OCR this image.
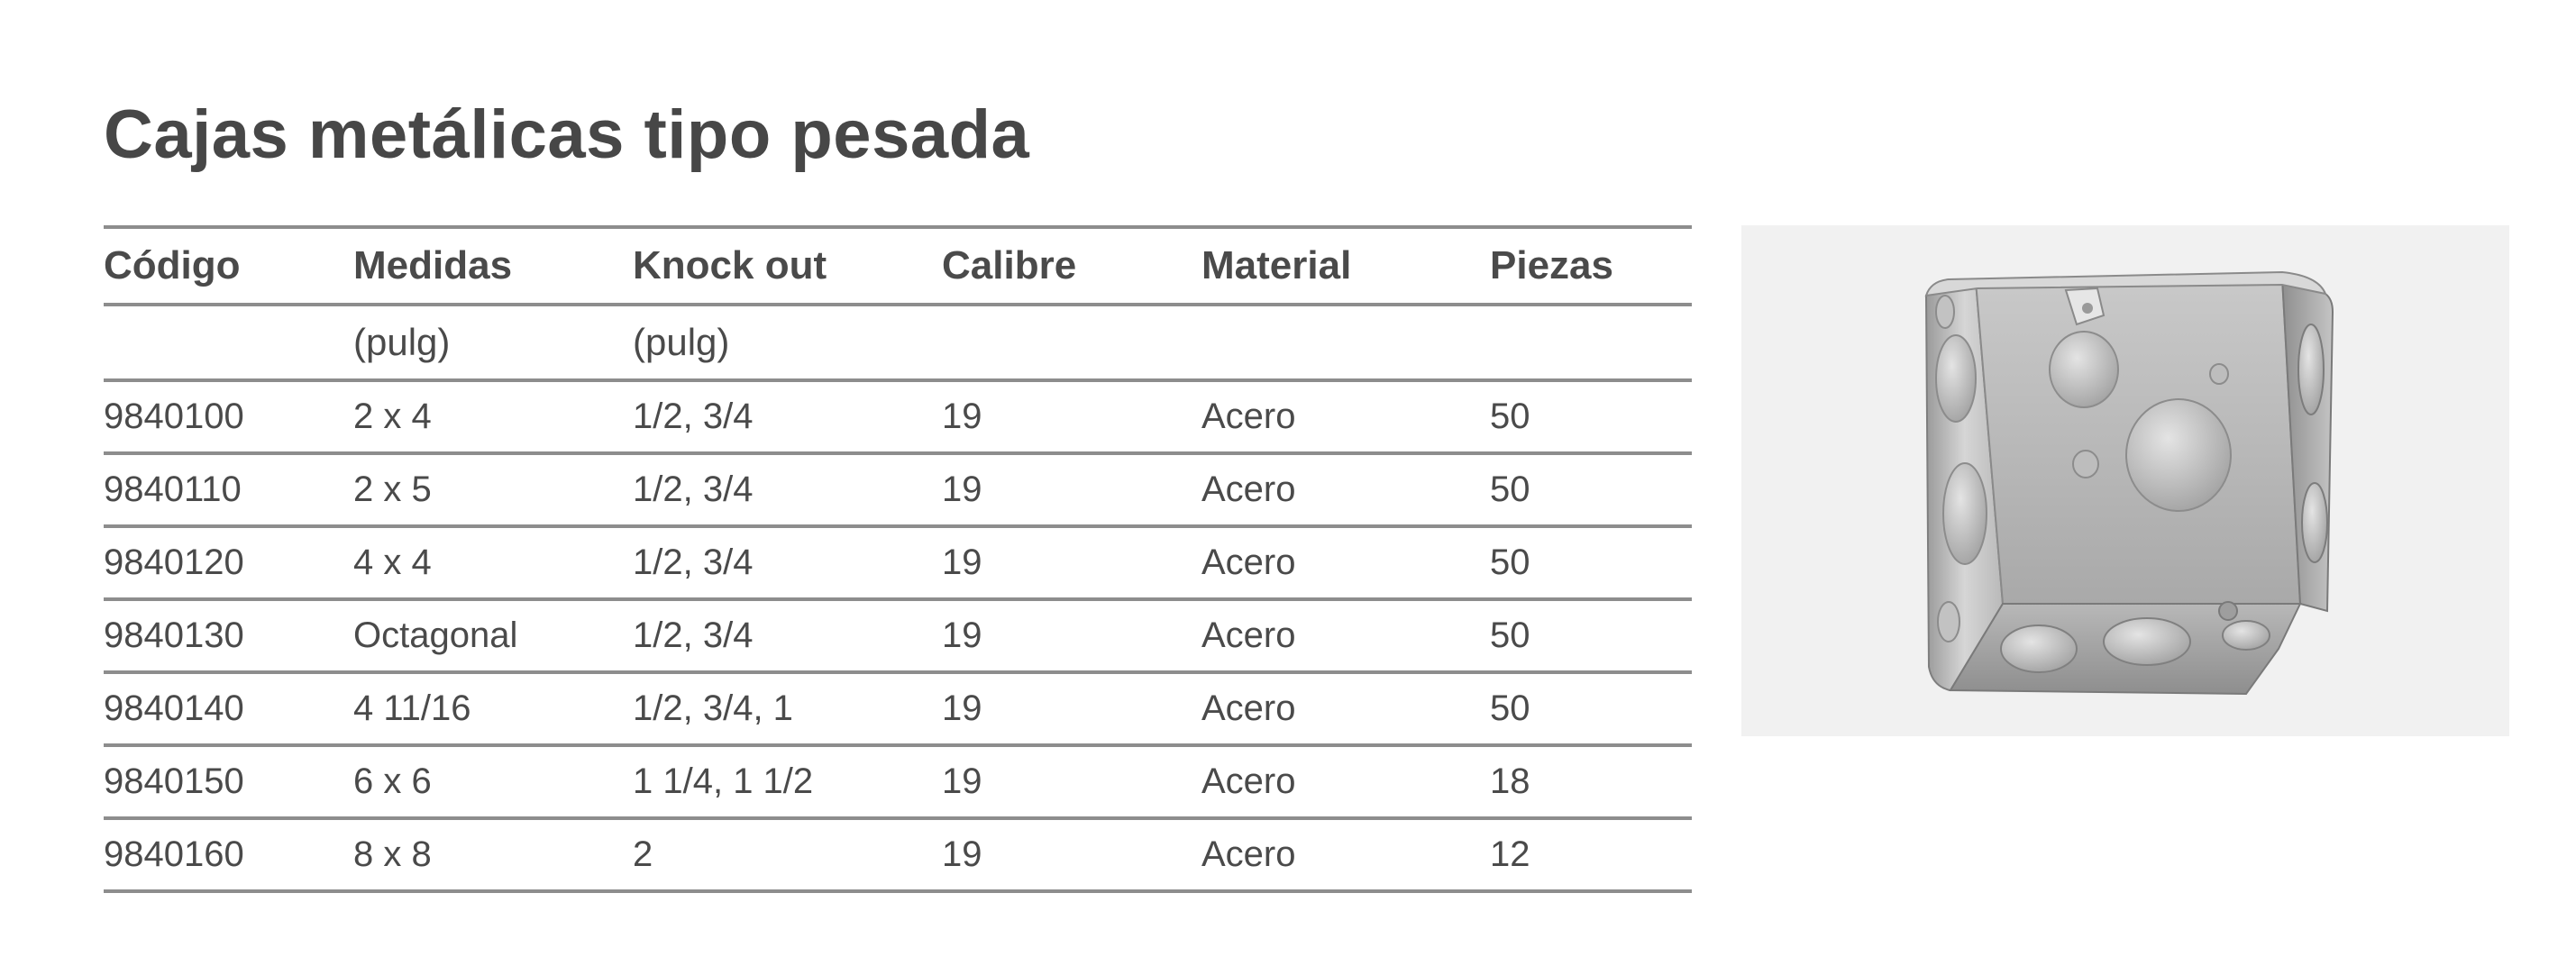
Cajas metálicas tipo pesada
Código	Medidas	Knock out	Calibre	Material	Piezas
	(pulg)	(pulg)			
9840100	2 x 4	1/2, 3/4	19	Acero	50
9840110	2 x 5	1/2, 3/4	19	Acero	50
9840120	4 x 4	1/2, 3/4	19	Acero	50
9840130	Octagonal	1/2, 3/4	19	Acero	50
9840140	4 11/16	1/2, 3/4, 1	19	Acero	50
9840150	6 x 6	1 1/4, 1 1/2	19	Acero	18
9840160	8 x 8	2	19	Acero	12
